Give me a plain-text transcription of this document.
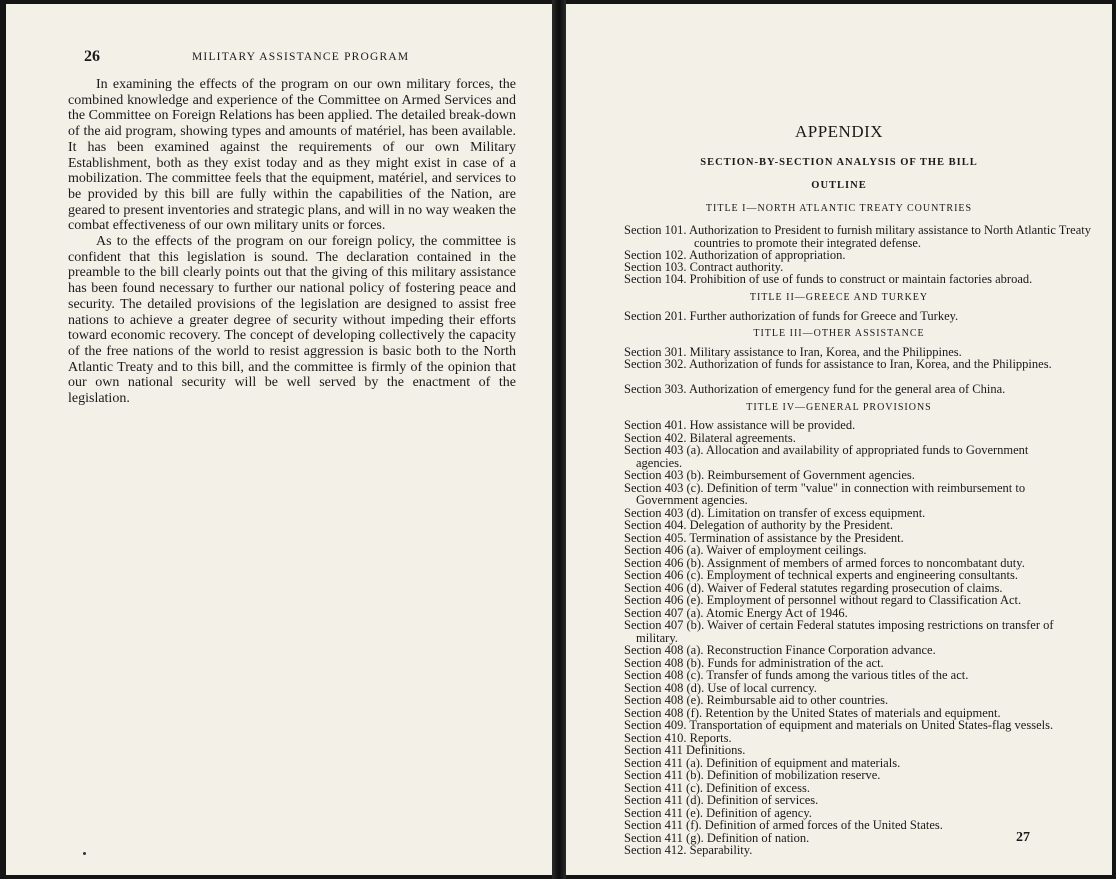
26	MILITARY ASSISTANCE PROGRAM

In examining the effects of the program on our own military forces, the combined knowledge and experience of the Committee on Armed Services and the Committee on Foreign Relations has been applied. The detailed break-down of the aid program, showing types and amounts of matériel, has been available. It has been examined against the requirements of our own Military Establishment, both as they exist today and as they might exist in case of a mobilization. The committee feels that the equipment, matériel, and services to be provided by this bill are fully within the capabilities of the Nation, are geared to present inventories and strategic plans, and will in no way weaken the combat effectiveness of our own military units or forces.

As to the effects of the program on our foreign policy, the committee is confident that this legislation is sound. The declaration contained in the preamble to the bill clearly points out that the giving of this military assistance has been found necessary to further our national policy of fostering peace and security. The detailed provisions of the legislation are designed to assist free nations to achieve a greater degree of security without impeding their efforts toward economic recovery. The concept of developing collectively the capacity of the free nations of the world to resist aggression is basic both to the North Atlantic Treaty and to this bill, and the committee is firmly of the opinion that our own national security will be well served by the enactment of the legislation.

APPENDIX
SECTION-BY-SECTION ANALYSIS OF THE BILL
OUTLINE
TITLE I—NORTH ATLANTIC TREATY COUNTRIES
Section 101. Authorization to President to furnish military assistance to North Atlantic Treaty countries to promote their integrated defense.
Section 102. Authorization of appropriation.
Section 103. Contract authority.
Section 104. Prohibition of use of funds to construct or maintain factories abroad.
TITLE II—GREECE AND TURKEY
Section 201. Further authorization of funds for Greece and Turkey.
TITLE III—OTHER ASSISTANCE
Section 301. Military assistance to Iran, Korea, and the Philippines.
Section 302. Authorization of funds for assistance to Iran, Korea, and the Philippines.
Section 303. Authorization of emergency fund for the general area of China.
TITLE IV—GENERAL PROVISIONS
Section 401. How assistance will be provided.
Section 402. Bilateral agreements.
Section 403 (a). Allocation and availability of appropriated funds to Government agencies.
Section 403 (b). Reimbursement of Government agencies.
Section 403 (c). Definition of term "value" in connection with reimbursement to Government agencies.
Section 403 (d). Limitation on transfer of excess equipment.
Section 404. Delegation of authority by the President.
Section 405. Termination of assistance by the President.
Section 406 (a). Waiver of employment ceilings.
Section 406 (b). Assignment of members of armed forces to noncombatant duty.
Section 406 (c). Employment of technical experts and engineering consultants.
Section 406 (d). Waiver of Federal statutes regarding prosecution of claims.
Section 406 (e). Employment of personnel without regard to Classification Act.
Section 407 (a). Atomic Energy Act of 1946.
Section 407 (b). Waiver of certain Federal statutes imposing restrictions on transfer of military.
Section 408 (a). Reconstruction Finance Corporation advance.
Section 408 (b). Funds for administration of the act.
Section 408 (c). Transfer of funds among the various titles of the act.
Section 408 (d). Use of local currency.
Section 408 (e). Reimbursable aid to other countries.
Section 408 (f). Retention by the United States of materials and equipment.
Section 409. Transportation of equipment and materials on United States-flag vessels.
Section 410. Reports.
Section 411 Definitions.
Section 411 (a). Definition of equipment and materials.
Section 411 (b). Definition of mobilization reserve.
Section 411 (c). Definition of excess.
Section 411 (d). Definition of services.
Section 411 (e). Definition of agency.
Section 411 (f). Definition of armed forces of the United States.
Section 411 (g). Definition of nation.
Section 412. Separability.
27
